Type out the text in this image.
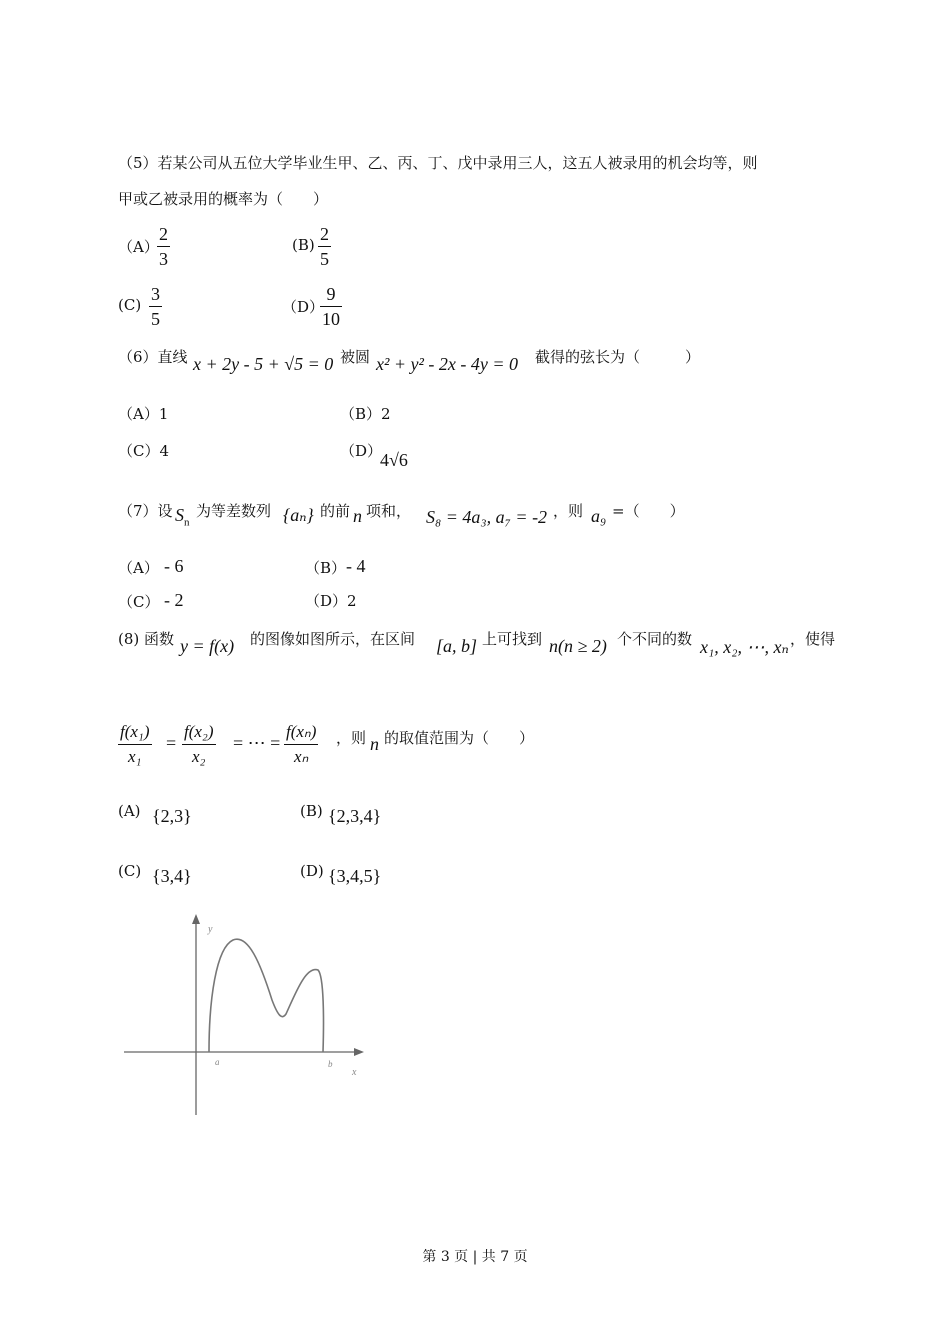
（5）若某公司从五位大学毕业生甲、乙、丙、丁、戊中录用三人，这五人被录用的机会均等，则
甲或乙被录用的概率为（　　）
（A）
$\frac{2}{3}$	$(B) \frac{2}{5}$
$(C) \frac{3}{5}$	（D）
$\frac{9}{10}$
（6）直线 x + 2y - 5 + √5 = 0 被圆 x² + y² - 2x - 4y = 0 截得的弦长为（　　　）
（A）1	（B）2
（C）4	（D）
4√6
（7）设 $S_n$
为等差数列 {aₙ} 的前 n 项和， S₈ = 4a₃, a₇ = -2 ，则 a₉ =（　　）
（A） - 6	（B） - 4
（C） - 2	（D）2
(8) 函数 y = f(x) 的图像如图所示，在区间 [a, b] 上可找到 n(n ≥ 2) 个不同的数 x₁, x₂, ⋯, xₙ ，使得
$\frac{\text{f(x₁)}}{\text{x₁}} = \frac{\text{f(x₂)}}{\text{x₂}}$ = ⋯ = $\frac{\text{f(xₙ)}}{\text{xₙ}}$ ，则 n 的取值范围为（　　）
(A) {2,3}	(B) {2,3,4}
(C) {3,4}	(D) {3,4,5}
y
x
a	b
第 3 页 | 共 7 页
